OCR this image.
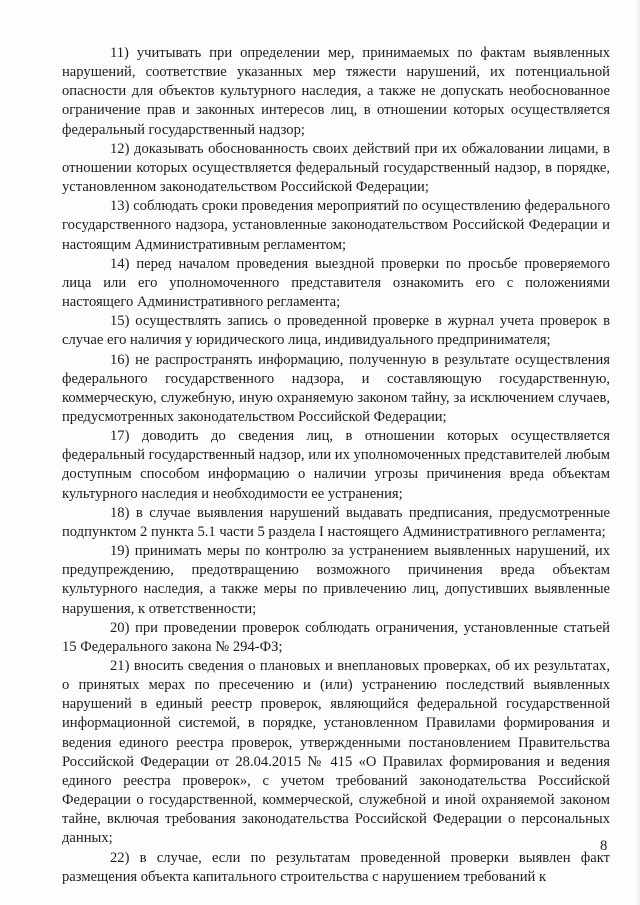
11) учитывать при определении мер, принимаемых по фактам выявленных нарушений, соответствие указанных мер тяжести нарушений, их потенциальной опасности для объектов культурного наследия, а также не допускать необоснованное ограничение прав и законных интересов лиц, в отношении которых осуществляется федеральный государственный надзор;

12) доказывать обоснованность своих действий при их обжаловании лицами, в отношении которых осуществляется федеральный государственный надзор, в порядке, установленном законодательством Российской Федерации;

13) соблюдать сроки проведения мероприятий по осуществлению федерального государственного надзора, установленные законодательством Российской Федерации и настоящим Административным регламентом;

14) перед началом проведения выездной проверки по просьбе проверяемого лица или его уполномоченного представителя ознакомить его с положениями настоящего Административного регламента;

15) осуществлять запись о проведенной проверке в журнал учета проверок в случае его наличия у юридического лица, индивидуального предпринимателя;

16) не распространять информацию, полученную в результате осуществления федерального государственного надзора, и составляющую государственную, коммерческую, служебную, иную охраняемую законом тайну, за исключением случаев, предусмотренных законодательством Российской Федерации;

17) доводить до сведения лиц, в отношении которых осуществляется федеральный государственный надзор, или их уполномоченных представителей любым доступным способом информацию о наличии угрозы причинения вреда объектам культурного наследия и необходимости ее устранения;

18) в случае выявления нарушений выдавать предписания, предусмотренные подпунктом 2 пункта 5.1 части 5 раздела I настоящего Административного регламента;

19) принимать меры по контролю за устранением выявленных нарушений, их предупреждению, предотвращению возможного причинения вреда объектам культурного наследия, а также меры по привлечению лиц, допустивших выявленные нарушения, к ответственности;

20) при проведении проверок соблюдать ограничения, установленные статьей 15 Федерального закона № 294-ФЗ;

21) вносить сведения о плановых и внеплановых проверках, об их результатах, о принятых мерах по пресечению и (или) устранению последствий выявленных нарушений в единый реестр проверок, являющийся федеральной государственной информационной системой, в порядке, установленном Правилами формирования и ведения единого реестра проверок, утвержденными постановлением Правительства Российской Федерации от 28.04.2015 № 415 «О Правилах формирования и ведения единого реестра проверок», с учетом требований законодательства Российской Федерации о государственной, коммерческой, служебной и иной охраняемой законом тайне, включая требования законодательства Российской Федерации о персональных данных;

22) в случае, если по результатам проведенной проверки выявлен факт размещения объекта капитального строительства с нарушением требований к

8
